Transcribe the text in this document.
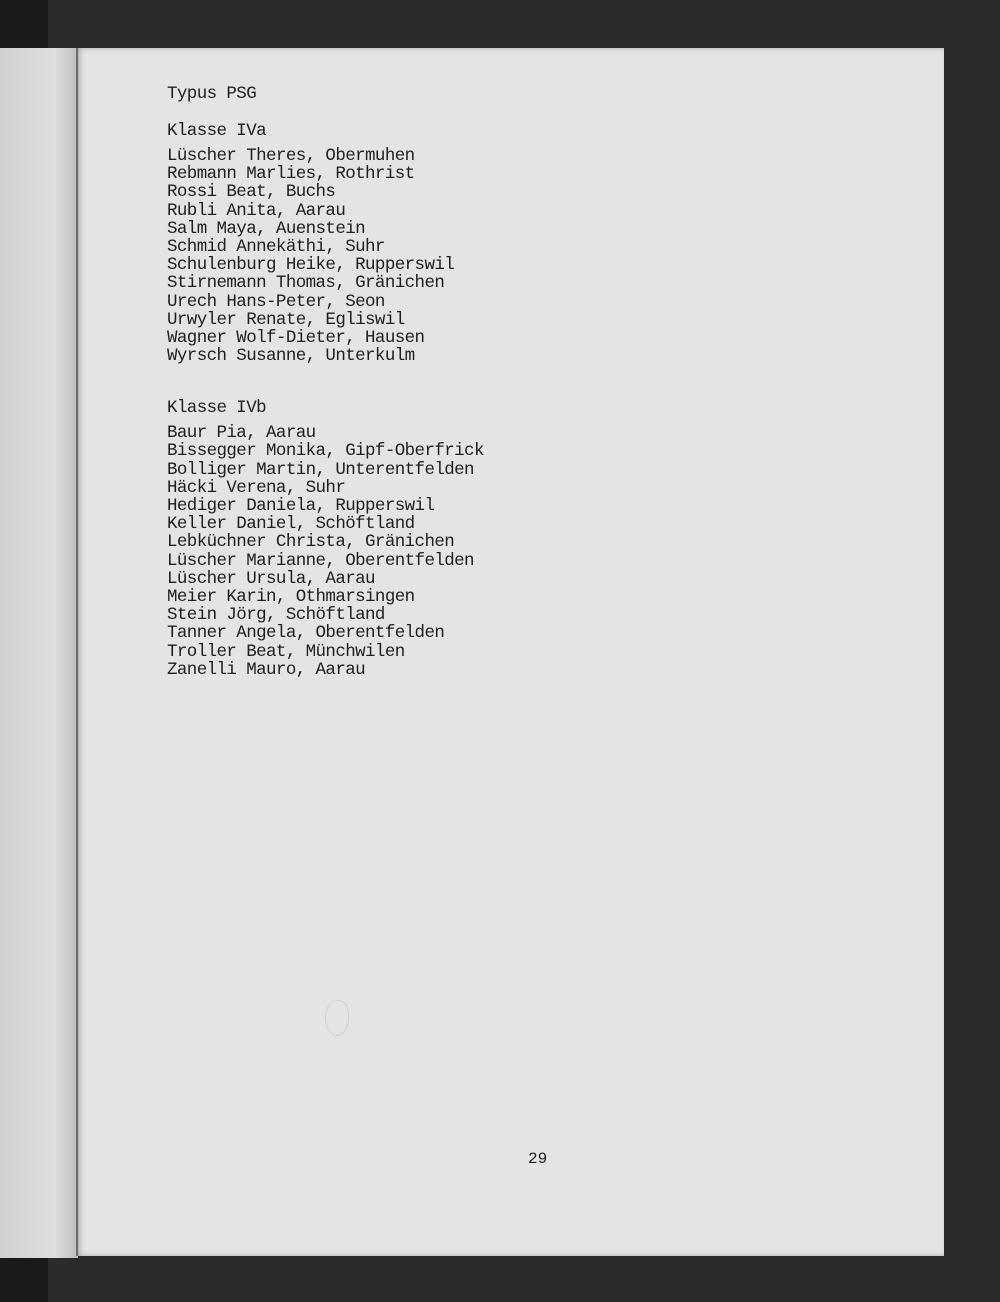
Typus PSG
Klasse IVa
Lüscher Theres, Obermuhen
Rebmann Marlies, Rothrist
Rossi Beat, Buchs
Rubli Anita, Aarau
Salm Maya, Auenstein
Schmid Annekäthi, Suhr
Schulenburg Heike, Rupperswil
Stirnemann Thomas, Gränichen
Urech Hans-Peter, Seon
Urwyler Renate, Egliswil
Wagner Wolf-Dieter, Hausen
Wyrsch Susanne, Unterkulm
Klasse IVb
Baur Pia, Aarau
Bissegger Monika, Gipf-Oberfrick
Bolliger Martin, Unterentfelden
Häcki Verena, Suhr
Hediger Daniela, Rupperswil
Keller Daniel, Schöftland
Lebküchner Christa, Gränichen
Lüscher Marianne, Oberentfelden
Lüscher Ursula, Aarau
Meier Karin, Othmarsingen
Stein Jörg, Schöftland
Tanner Angela, Oberentfelden
Troller Beat, Münchwilen
Zanelli Mauro, Aarau
29
